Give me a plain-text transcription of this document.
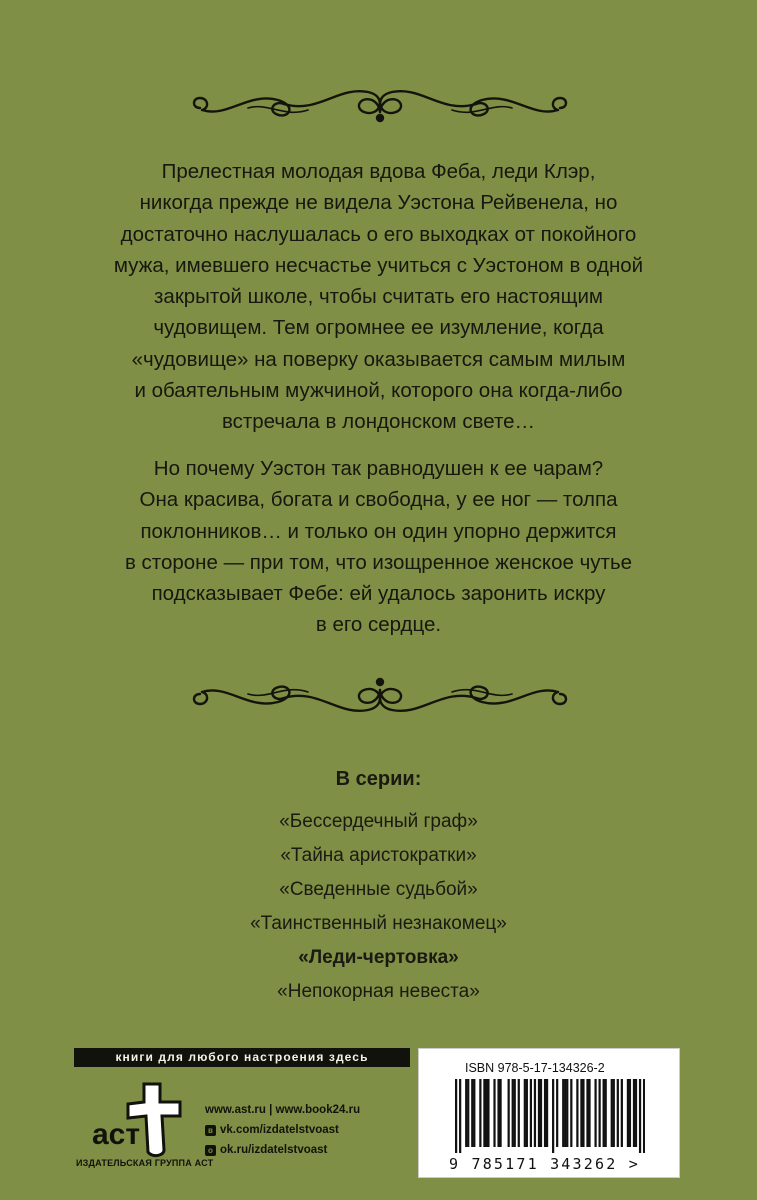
Прелестная молодая вдова Феба, леди Клэр,
никогда прежде не видела Уэстона Рейвенела, но
достаточно наслушалась о его выходках от покойного
мужа, имевшего несчастье учиться с Уэстоном в одной
закрытой школе, чтобы считать его настоящим
чудовищем. Тем огромнее ее изумление, когда
«чудовище» на поверку оказывается самым милым
и обаятельным мужчиной, которого она когда-либо
встречала в лондонском свете…
Но почему Уэстон так равнодушен к ее чарам?
Она красива, богата и свободна, у ее ног — толпа
поклонников… и только он один упорно держится
в стороне — при том, что изощренное женское чутье
подсказывает Фебе: ей удалось заронить искру
в его сердце.
В серии:
«Бессердечный граф»
«Тайна аристократки»
«Сведенные судьбой»
«Таинственный незнакомец»
«Леди-чертовка»
«Непокорная невеста»
книги для любого настроения здесь
аст
ИЗДАТЕЛЬСКАЯ ГРУППА АСТ
www.ast.ru | www.book24.ru
в vk.com/izdatelstvoast
о ok.ru/izdatelstvoast
ISBN 978-5-17-134326-2
9 785171 343262 >
